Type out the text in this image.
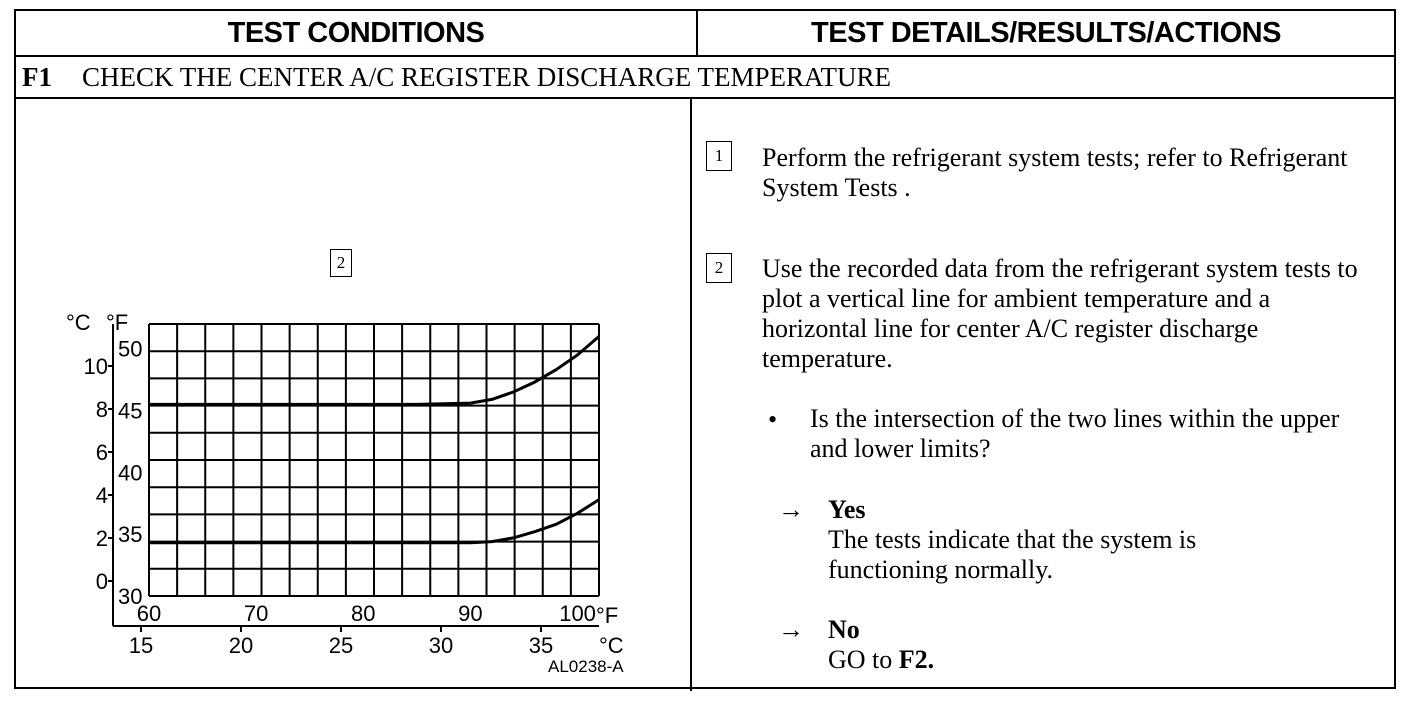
TEST CONDITIONS	TEST DETAILS/RESULTS/ACTIONS
F1	CHECK THE CENTER A/C REGISTER DISCHARGE TEMPERATURE
2
50
45
40
35
30
10
8
6
4
2
0
60	70	80	90	100
15	20	25	30	35
°C °F
°F
°C
AL0238-A
1	Perform the refrigerant system tests; refer to Refrigerant System Tests .

2	Use the recorded data from the refrigerant system tests to plot a vertical line for ambient temperature and a horizontal line for center A/C register discharge temperature.

• Is the intersection of the two lines within the upper and lower limits?

→ Yes

The tests indicate that the system is functioning normally.

→ No

GO to F2.
